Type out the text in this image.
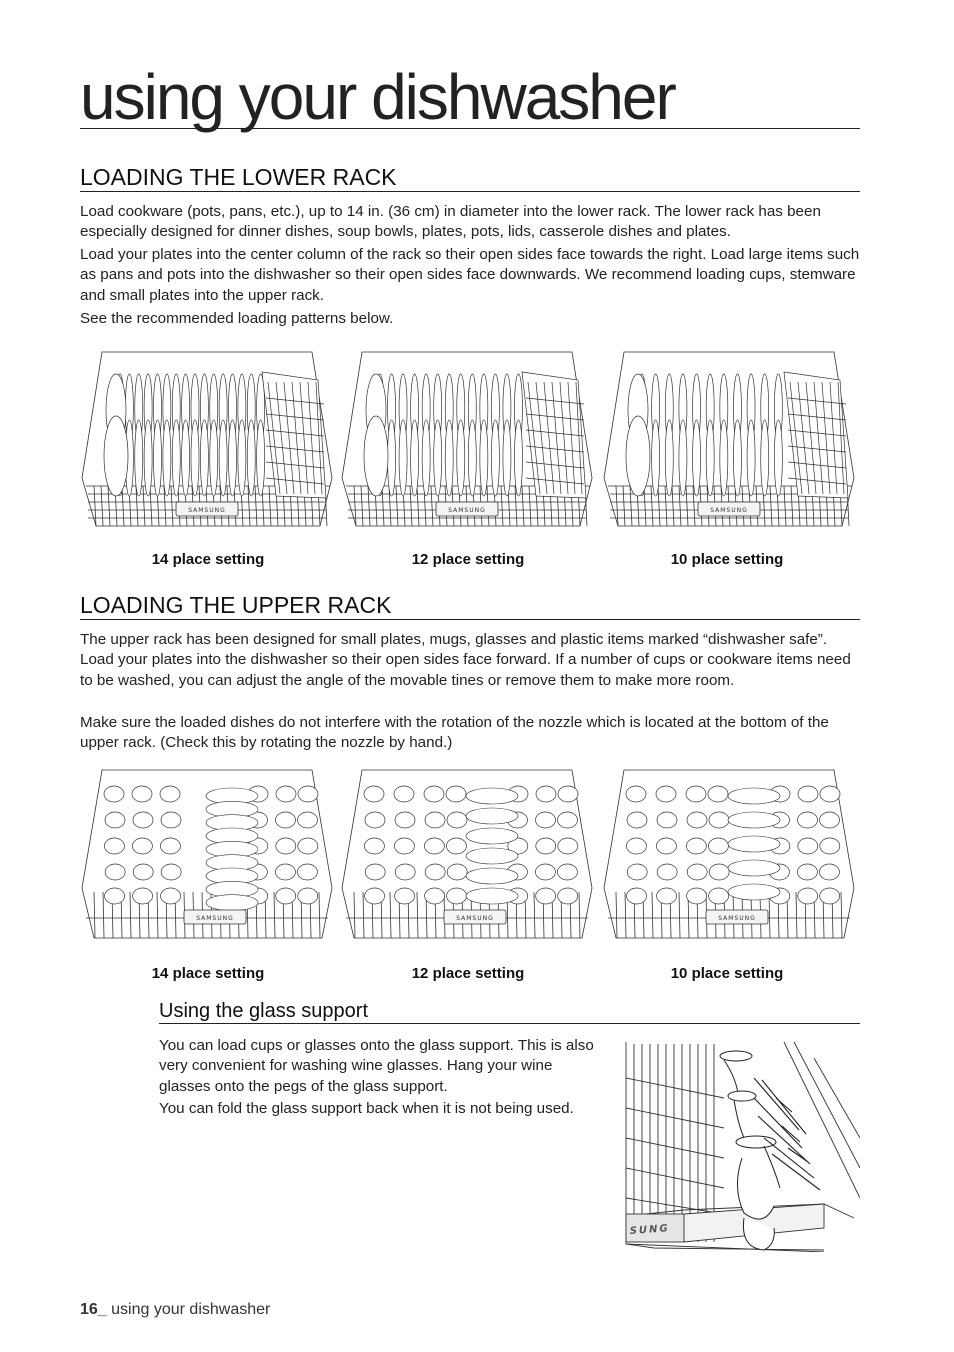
using your dishwasher
LOADING THE LOWER RACK

Load cookware (pots, pans, etc.), up to 14 in. (36 cm) in diameter into the lower rack. The lower rack has been especially designed for dinner dishes, soup bowls, plates, pots, lids, casserole dishes and plates.

Load your plates into the center column of the rack so their open sides face towards the right. Load large items such as pans and pots into the dishwasher so their open sides face downwards. We recommend loading cups, stemware and small plates into the upper rack.

See the recommended loading patterns below.

SAMSUNG	SAMSUNG	SAMSUNG
14 place setting	12 place setting	10 place setting
LOADING THE UPPER RACK

The upper rack has been designed for small plates, mugs, glasses and plastic items marked “dishwasher safe”. Load your plates into the dishwasher so their open sides face forward. If a number of cups or cookware items need to be washed, you can adjust the angle of the movable tines or remove them to make more room.

Make sure the loaded dishes do not interfere with the rotation of the nozzle which is located at the bottom of the upper rack. (Check this by rotating the nozzle by hand.)

SAMSUNG	SAMSUNG	SAMSUNG
14 place setting	12 place setting	10 place setting
Using the glass support

You can load cups or glasses onto the glass support. This is also very convenient for washing wine glasses. Hang your wine glasses onto the pegs of the glass support.

You can fold the glass support back when it is not being used.

SUNG
16_ using your dishwasher
